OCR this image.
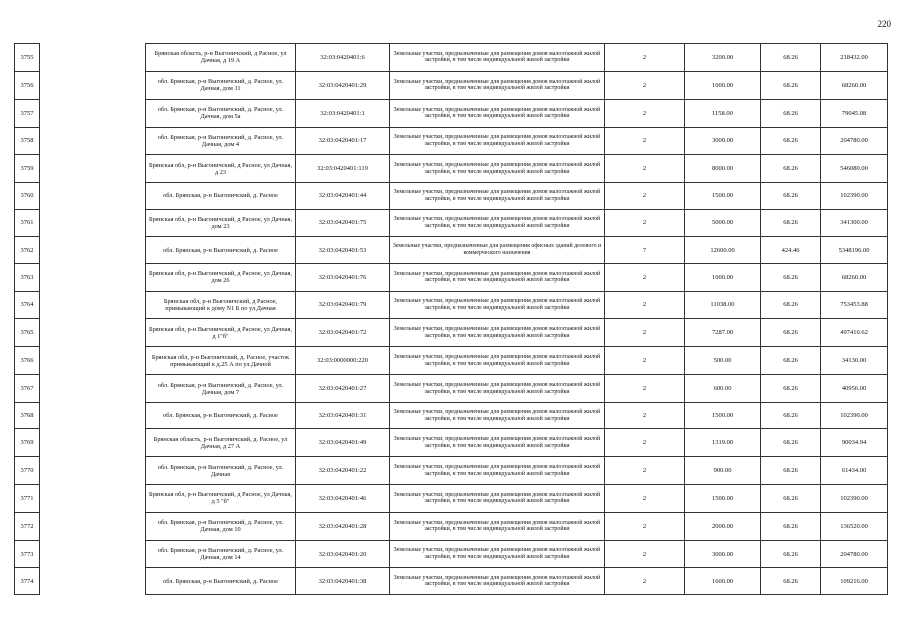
220
3755		Брянская область, р-н Выгоничский, д Расное, ул Дачная, д 19 А	32:03:0420401:6	Земельные участки, предназначенные для размещения домов малоэтажной жилой застройки, в том числе индивидуальной жилой застройки	2	3200.00	68.26	218432.00
3756		обл. Брянская, р-н Выгоничский, д. Расное, ул. Дачная, дом 11	32:03:0420401:29	Земельные участки, предназначенные для размещения домов малоэтажной жилой застройки, в том числе индивидуальной жилой застройки	2	1000.00	68.26	68260.00
3757		обл. Брянская, р-н Выгоничский, д. Расное, ул. Дачная, дом 5а	32:03:0420401:1	Земельные участки, предназначенные для размещения домов малоэтажной жилой застройки, в том числе индивидуальной жилой застройки	2	1158.00	68.26	79045.08
3758		обл. Брянская, р-н Выгоничский, д. Расное, ул. Дачная, дом 4	32:03:0420401:17	Земельные участки, предназначенные для размещения домов малоэтажной жилой застройки, в том числе индивидуальной жилой застройки	2	3000.00	68.26	204780.00
3759		Брянская обл, р-н Выгоничский, д Расное, ул Дачная, д 23	32:03:0420401:119	Земельные участки, предназначенные для размещения домов малоэтажной жилой застройки, в том числе индивидуальной жилой застройки	2	8000.00	68.26	546080.00
3760		обл. Брянская, р-н Выгоничский, д. Расное	32:03:0420401:44	Земельные участки, предназначенные для размещения домов малоэтажной жилой застройки, в том числе индивидуальной жилой застройки	2	1500.00	68.26	102390.00
3761		Брянская обл, р-н Выгоничский, д Расное, ул Дачная, дом 23	32:03:0420401:75	Земельные участки, предназначенные для размещения домов малоэтажной жилой застройки, в том числе индивидуальной жилой застройки	2	5000.00	68.26	341300.00
3762		обл. Брянская, р-н Выгоничский, д. Расное	32:03:0420401:53	Земельные участки, предназначенные для размещения офисных зданий делового и коммерческого назначения	7	12600.00	424.46	5348196.00
3763		Брянская обл, р-н Выгоничский, д Расное, ул Дачная, дом 26	32:03:0420401:76	Земельные участки, предназначенные для размещения домов малоэтажной жилой застройки, в том числе индивидуальной жилой застройки	2	1000.00	68.26	68260.00
3764		Брянская обл, р-н Выгоничский, д Расное, примыкающий к дому N1 Б по ул.Дачная	32:03:0420401:79	Земельные участки, предназначенные для размещения домов малоэтажной жилой застройки, в том числе индивидуальной жилой застройки	2	11038.00	68.26	753453.88
3765		Брянская обл, р-н Выгоничский, д Расное, ул Дачная, д 1"б"	32:03:0420401:72	Земельные участки, предназначенные для размещения домов малоэтажной жилой застройки, в том числе индивидуальной жилой застройки	2	7287.00	68.26	497410.62
3766		Брянская обл, р-н Выгоничский, д. Расное, участок примыкающий к д.25 А по ул.Дачной	32:03:0000000:220	Земельные участки, предназначенные для размещения домов малоэтажной жилой застройки, в том числе индивидуальной жилой застройки	2	500.00	68.26	34130.00
3767		обл. Брянская, р-н Выгоничский, д. Расное, ул. Дачная, дом 7	32:03:0420401:27	Земельные участки, предназначенные для размещения домов малоэтажной жилой застройки, в том числе индивидуальной жилой застройки	2	600.00	68.26	40956.00
3768		обл. Брянская, р-н Выгоничский, д. Расное	32:03:0420401:31	Земельные участки, предназначенные для размещения домов малоэтажной жилой застройки, в том числе индивидуальной жилой застройки	2	1500.00	68.26	102390.00
3769		Брянская область, р-н Выгоничский, д. Расное, ул Дачная, д 27 А	32:03:0420401:49	Земельные участки, предназначенные для размещения домов малоэтажной жилой застройки, в том числе индивидуальной жилой застройки	2	1319.00	68.26	90034.94
3770		обл. Брянская, р-н Выгоничский, д. Расное, ул. Дачная	32:03:0420401:22	Земельные участки, предназначенные для размещения домов малоэтажной жилой застройки, в том числе индивидуальной жилой застройки	2	900.00	68.26	61434.00
3771		Брянская обл, р-н Выгоничский, д Расное, ул Дачная, д 5 "б"	32:03:0420401:46	Земельные участки, предназначенные для размещения домов малоэтажной жилой застройки, в том числе индивидуальной жилой застройки	2	1500.00	68.26	102390.00
3772		обл. Брянская, р-н Выгоничский, д. Расное, ул. Дачная, дом 10	32:03:0420401:28	Земельные участки, предназначенные для размещения домов малоэтажной жилой застройки, в том числе индивидуальной жилой застройки	2	2000.00	68.26	136520.00
3773		обл. Брянская, р-н Выгоничский, д. Расное, ул. Дачная, дом 14	32:03:0420401:20	Земельные участки, предназначенные для размещения домов малоэтажной жилой застройки, в том числе индивидуальной жилой застройки	2	3000.00	68.26	204780.00
3774		обл. Брянская, р-н Выгоничский, д. Расное	32:03:0420401:38	Земельные участки, предназначенные для размещения домов малоэтажной жилой застройки, в том числе индивидуальной жилой застройки	2	1600.00	68.26	109216.00
